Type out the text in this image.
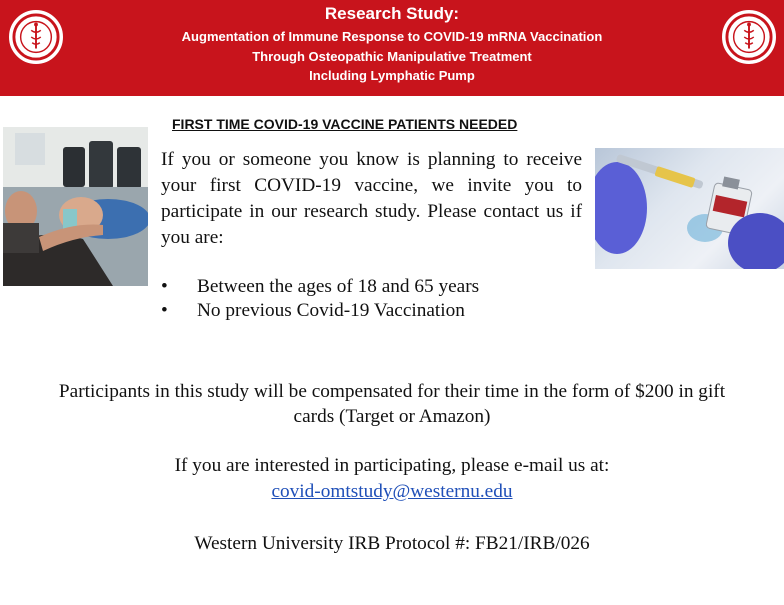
Research Study:
Augmentation of Immune Response to COVID-19 mRNA Vaccination
Through Osteopathic Manipulative Treatment
Including Lymphatic Pump
FIRST TIME COVID-19 VACCINE PATIENTS NEEDED

If you or someone you know is planning to receive your first COVID-19 vaccine, we invite you to participate in our research study. Please contact us if you are:

•	Between the ages of 18 and 65 years
•	No previous Covid-19 Vaccination
Participants in this study will be compensated for their time in the form of $200 in gift
cards (Target or Amazon)
If you are interested in participating, please e-mail us at:
covid-omtstudy@westernu.edu
Western University IRB Protocol #: FB21/IRB/026
